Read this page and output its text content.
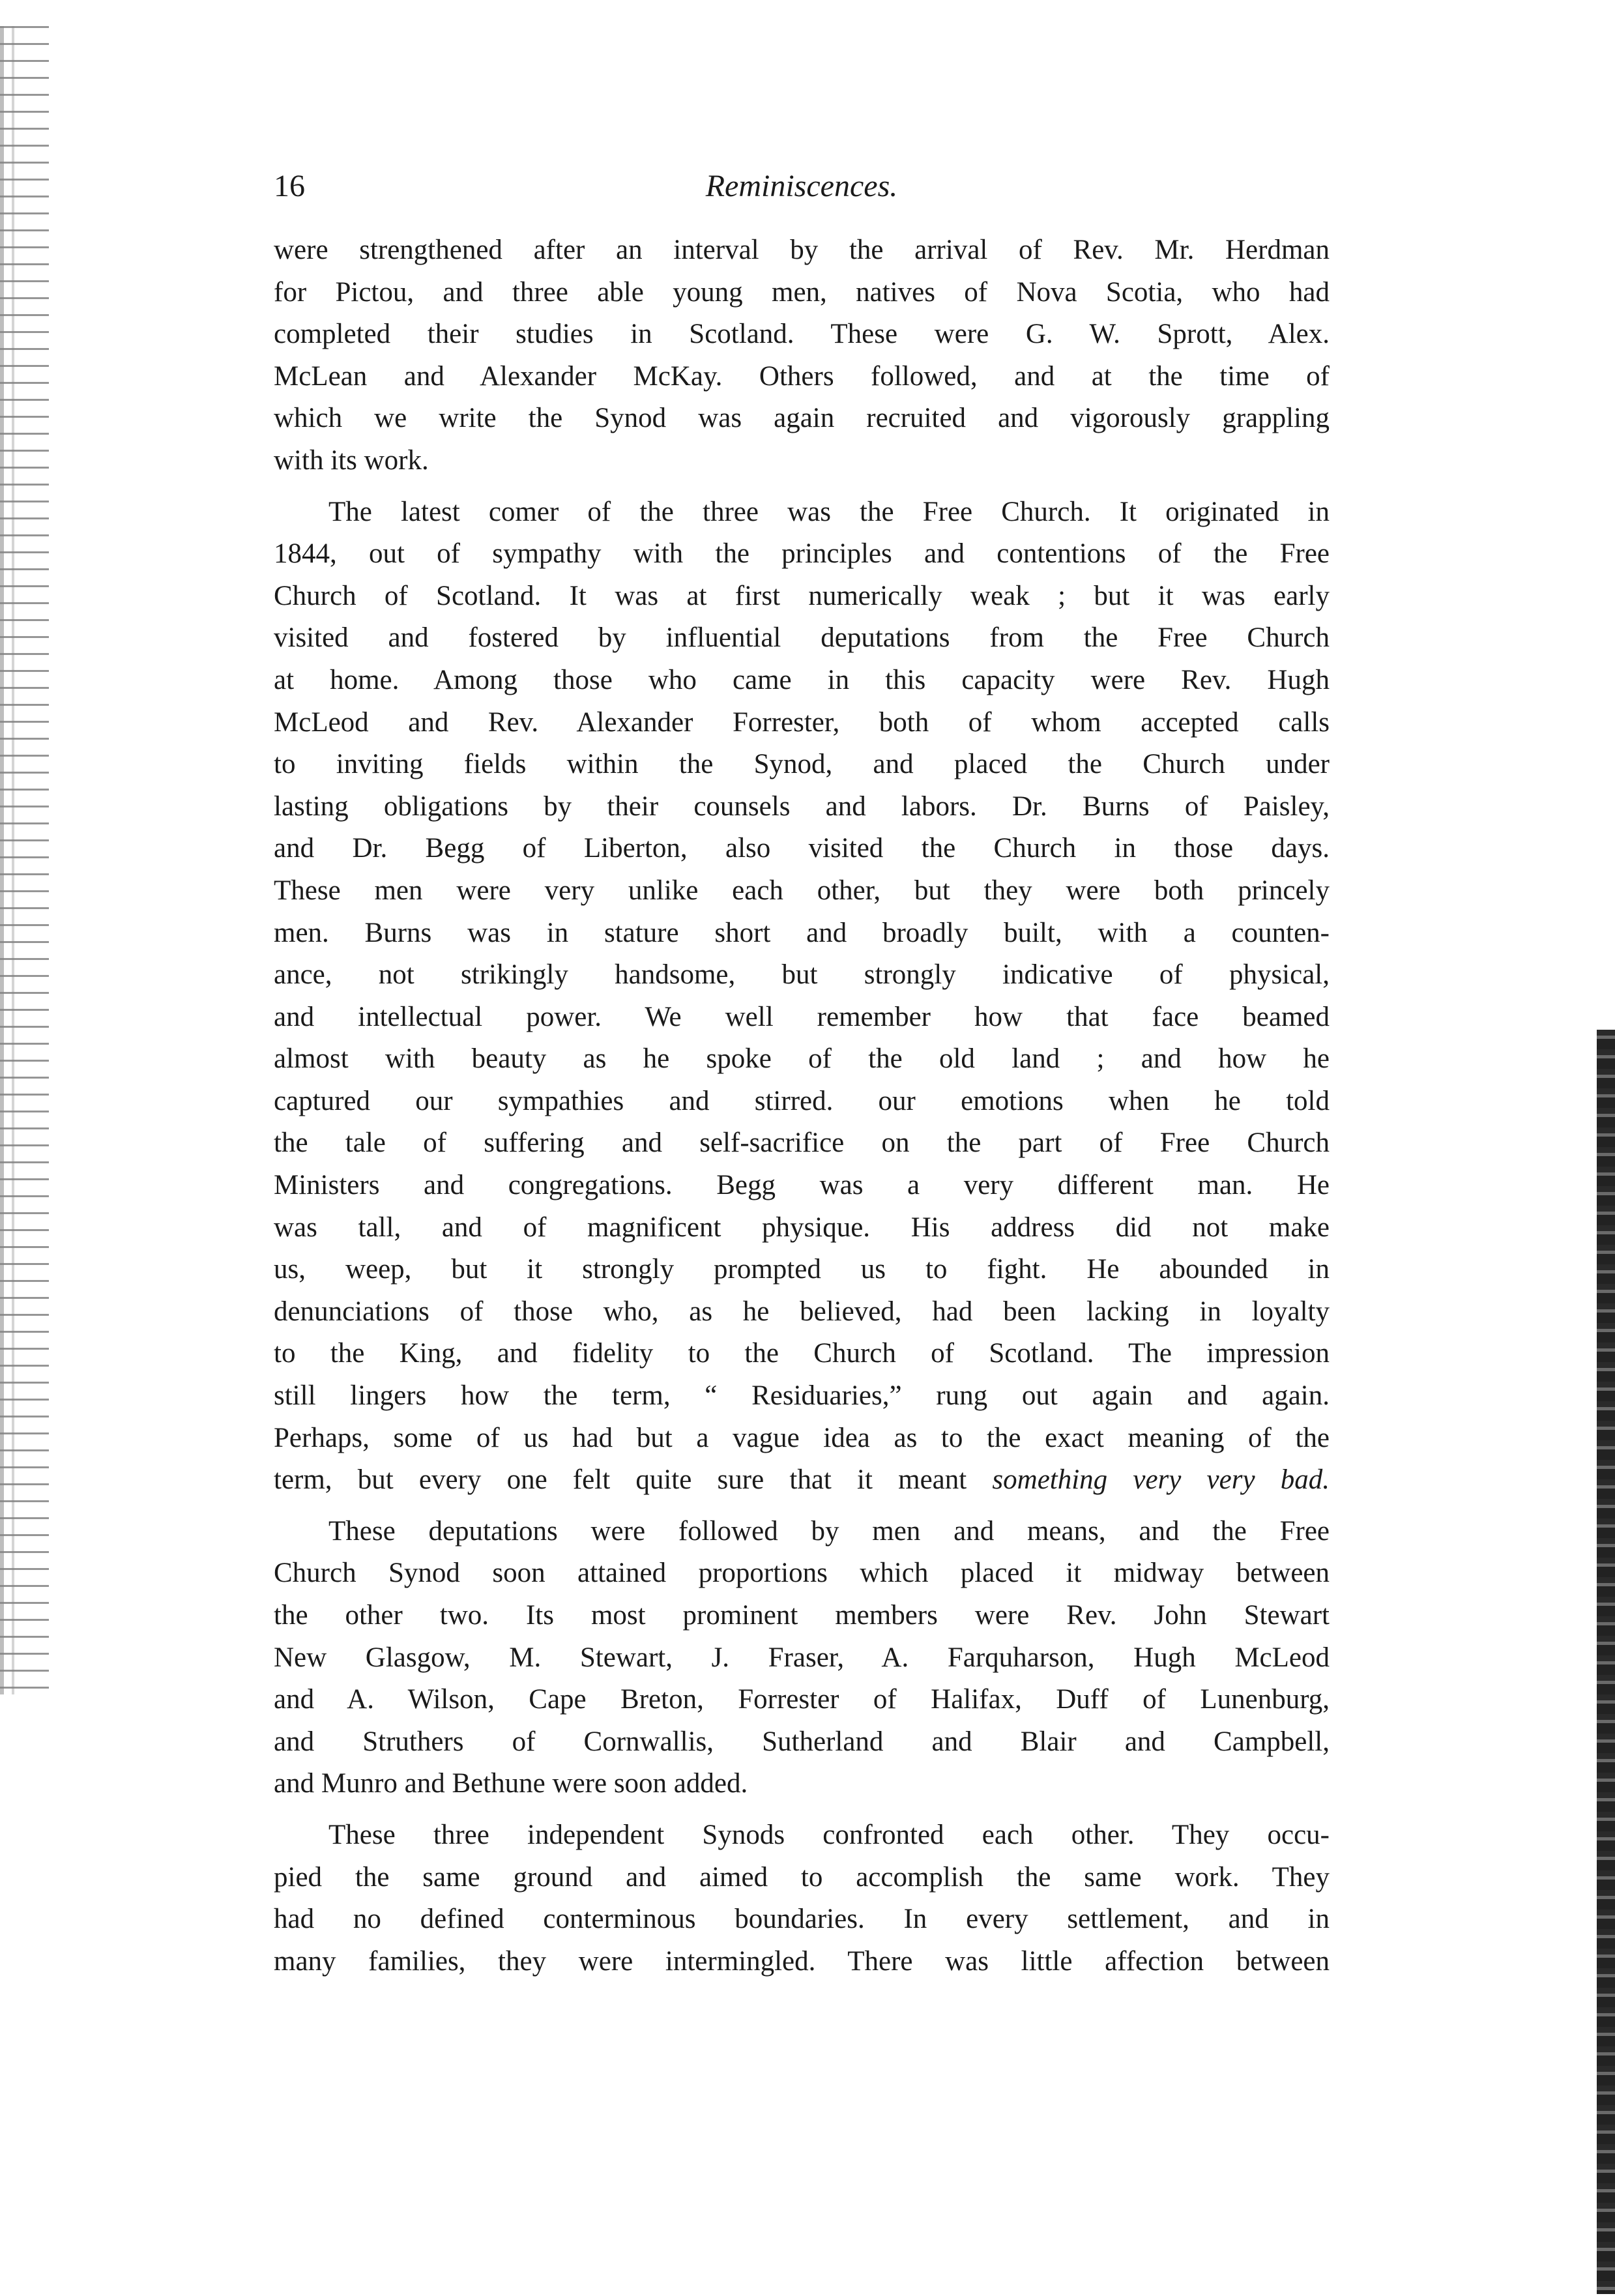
16	Reminiscences.

were strengthened after an interval by the arrival of Rev. Mr. Herdman
for Pictou, and three able young men, natives of Nova Scotia, who had
completed their studies in Scotland. These were G. W. Sprott, Alex.
McLean and Alexander McKay. Others followed, and at the time of
which we write the Synod was again recruited and vigorously grappling
with its work.

The latest comer of the three was the Free Church. It originated in
1844, out of sympathy with the principles and contentions of the Free
Church of Scotland. It was at first numerically weak ; but it was early
visited and fostered by influential deputations from the Free Church
at home. Among those who came in this capacity were Rev. Hugh
McLeod and Rev. Alexander Forrester, both of whom accepted calls
to inviting fields within the Synod, and placed the Church under
lasting obligations by their counsels and labors. Dr. Burns of Paisley,
and Dr. Begg of Liberton, also visited the Church in those days.
These men were very unlike each other, but they were both princely
men. Burns was in stature short and broadly built, with a counten-
ance, not strikingly handsome, but strongly indicative of physical,
and intellectual power. We well remember how that face beamed
almost with beauty as he spoke of the old land ; and how he
captured our sympathies and stirred. our emotions when he told
the tale of suffering and self-sacrifice on the part of Free Church
Ministers and congregations. Begg was a very different man. He
was tall, and of magnificent physique. His address did not make
us, weep, but it strongly prompted us to fight. He abounded in
denunciations of those who, as he believed, had been lacking in loyalty
to the King, and fidelity to the Church of Scotland. The impression
still lingers how the term, “ Residuaries,” rung out again and again.
Perhaps, some of us had but a vague idea as to the exact meaning of the
term, but every one felt quite sure that it meant something very very bad.

These deputations were followed by men and means, and the Free
Church Synod soon attained proportions which placed it midway between
the other two. Its most prominent members were Rev. John Stewart
New Glasgow, M. Stewart, J. Fraser, A. Farquharson, Hugh McLeod
and A. Wilson, Cape Breton, Forrester of Halifax, Duff of Lunenburg,
and Struthers of Cornwallis, Sutherland and Blair and Campbell,
and Munro and Bethune were soon added.

These three independent Synods confronted each other. They occu-
pied the same ground and aimed to accomplish the same work. They
had no defined conterminous boundaries. In every settlement, and in
many families, they were intermingled. There was little affection between
